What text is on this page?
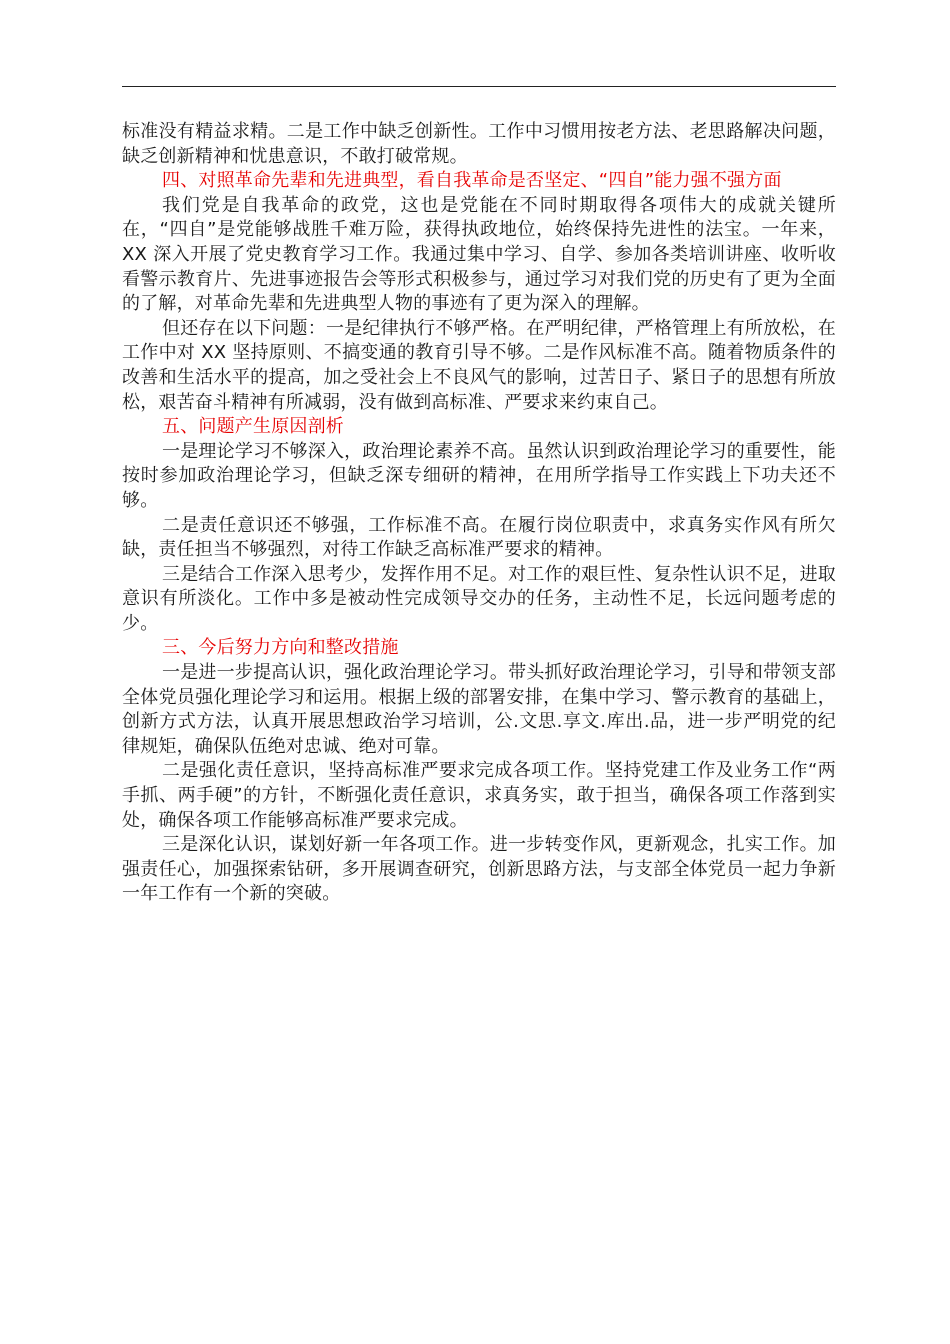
标准没有精益求精。二是工作中缺乏创新性。工作中习惯用按老方法、老思路解决问题，缺乏创新精神和忧患意识，不敢打破常规。

四、对照革命先辈和先进典型，看自我革命是否坚定、“四自”能力强不强方面

我们党是自我革命的政党，这也是党能在不同时期取得各项伟大的成就关键所在，“四自”是党能够战胜千难万险，获得执政地位，始终保持先进性的法宝。一年来，XX 深入开展了党史教育学习工作。我通过集中学习、自学、参加各类培训讲座、收听收看警示教育片、先进事迹报告会等形式积极参与，通过学习对我们党的历史有了更为全面的了解，对革命先辈和先进典型人物的事迹有了更为深入的理解。

但还存在以下问题：一是纪律执行不够严格。在严明纪律，严格管理上有所放松，在工作中对 XX 坚持原则、不搞变通的教育引导不够。二是作风标准不高。随着物质条件的改善和生活水平的提高，加之受社会上不良风气的影响，过苦日子、紧日子的思想有所放松，艰苦奋斗精神有所减弱，没有做到高标准、严要求来约束自己。

五、问题产生原因剖析

一是理论学习不够深入，政治理论素养不高。虽然认识到政治理论学习的重要性，能按时参加政治理论学习，但缺乏深专细研的精神，在用所学指导工作实践上下功夫还不够。

二是责任意识还不够强，工作标准不高。在履行岗位职责中，求真务实作风有所欠缺，责任担当不够强烈，对待工作缺乏高标准严要求的精神。

三是结合工作深入思考少，发挥作用不足。对工作的艰巨性、复杂性认识不足，进取意识有所淡化。工作中多是被动性完成领导交办的任务，主动性不足，长远问题考虑的少。

三、今后努力方向和整改措施

一是进一步提高认识，强化政治理论学习。带头抓好政治理论学习，引导和带领支部全体党员强化理论学习和运用。根据上级的部署安排，在集中学习、警示教育的基础上，创新方式方法，认真开展思想政治学习培训，公.文思.享文.库出.品，进一步严明党的纪律规矩，确保队伍绝对忠诚、绝对可靠。

二是强化责任意识，坚持高标准严要求完成各项工作。坚持党建工作及业务工作“两手抓、两手硬”的方针，不断强化责任意识，求真务实，敢于担当，确保各项工作落到实处，确保各项工作能够高标准严要求完成。

三是深化认识，谋划好新一年各项工作。进一步转变作风，更新观念，扎实工作。加强责任心，加强探索钻研，多开展调查研究，创新思路方法，与支部全体党员一起力争新一年工作有一个新的突破。
